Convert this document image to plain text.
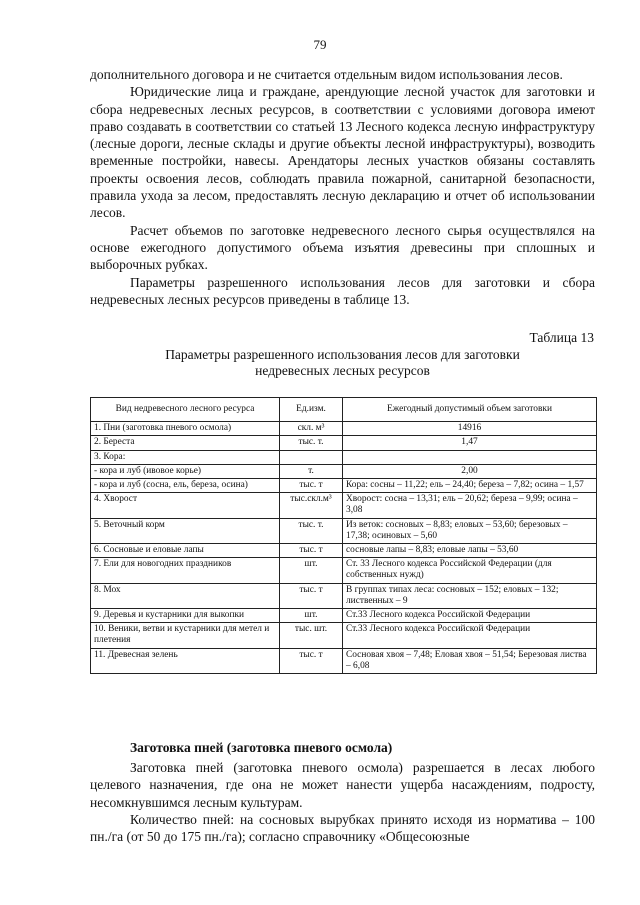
79

дополнительного договора и не считается отдельным видом использования лесов.

Юридические лица и граждане, арендующие лесной участок для заготовки и сбора недревесных лесных ресурсов, в соответствии с условиями договора имеют право создавать в соответствии со статьей 13 Лесного кодекса лесную инфраструктуру (лесные дороги, лесные склады и другие объекты лесной инфраструктуры), возводить временные постройки, навесы. Арендаторы лесных участков обязаны составлять проекты освоения лесов, соблюдать правила пожарной, санитарной безопасности, правила ухода за лесом, предоставлять лесную декларацию и отчет об использовании лесов.

Расчет объемов по заготовке недревесного лесного сырья осуществлялся на основе ежегодного допустимого объема изъятия древесины при сплошных и выборочных рубках.

Параметры разрешенного использования лесов для заготовки и сбора недревесных лесных ресурсов приведены в таблице 13.

Таблица 13
Параметры разрешенного использования лесов для заготовки
недревесных лесных ресурсов
Вид недревесного лесного ресурса	Ед.изм.	Ежегодный допустимый объем заготовки
1. Пни (заготовка пневого осмола)	скл. м³	14916
2. Береста	тыс. т.	1,47
3. Кора:		
- кора и луб (ивовое корье)	т.	2,00
- кора и луб (сосна, ель, береза, осина)	тыс. т	Кора: сосны – 11,22; ель – 24,40; береза – 7,82; осина – 1,57
4. Хворост	тыс.скл.м³	Хворост: сосна – 13,31; ель – 20,62; береза – 9,99; осина – 3,08
5. Веточный корм	тыс. т.	Из веток: сосновых – 8,83; еловых – 53,60; березовых – 17,38; осиновых – 5,60
6. Сосновые и еловые лапы	тыс. т	сосновые лапы – 8,83; еловые лапы – 53,60
7. Ели для новогодних праздников	шт.	Ст. 33 Лесного кодекса Российской Федерации (для собственных нужд)
8. Мох	тыс. т	В группах типах леса: сосновых – 152; еловых – 132; лиственных – 9
9. Деревья и кустарники для выкопки	шт.	Ст.33 Лесного кодекса Российской Федерации
10. Веники, ветви и кустарники для метел и плетения	тыс. шт.	Ст.33 Лесного кодекса Российской Федерации
11. Древесная зелень	тыс. т	Сосновая хвоя – 7,48; Еловая хвоя – 51,54; Березовая листва – 6,08
Заготовка пней (заготовка пневого осмола)

Заготовка пней (заготовка пневого осмола) разрешается в лесах любого целевого назначения, где она не может нанести ущерба насаждениям, подросту, несомкнувшимся лесным культурам.

Количество пней: на сосновых вырубках принято исходя из норматива – 100 пн./га (от 50 до 175 пн./га); согласно справочнику «Общесоюзные
